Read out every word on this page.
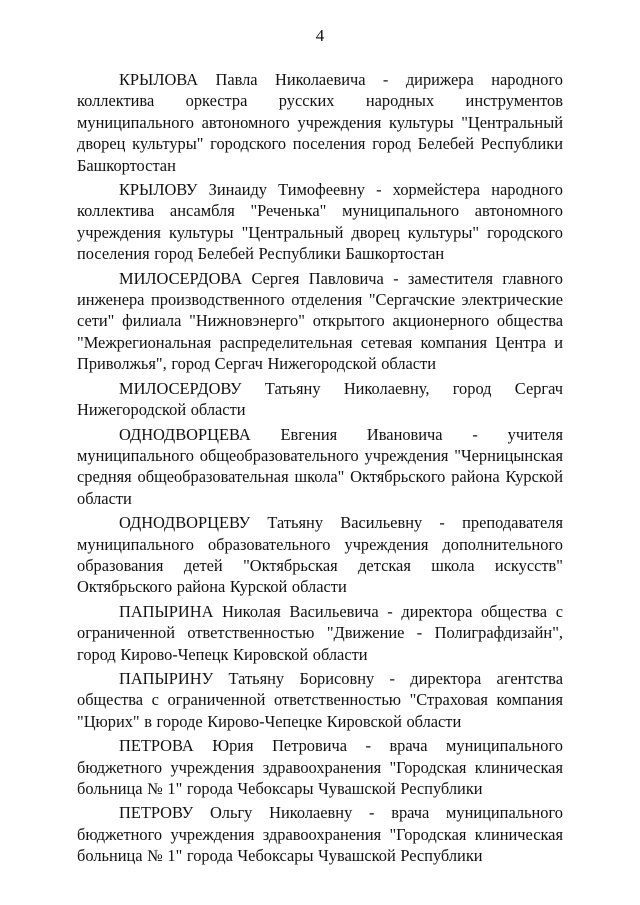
4

КРЫЛОВА Павла Николаевича - дирижера народного коллектива оркестра русских народных инструментов муниципального автономного учреждения культуры "Центральный дворец культуры" городского поселения город Белебей Республики Башкортостан

КРЫЛОВУ Зинаиду Тимофеевну - хормейстера народного коллектива ансамбля "Реченька" муниципального автономного учреждения культуры "Центральный дворец культуры" городского поселения город Белебей Республики Башкортостан

МИЛОСЕРДОВА Сергея Павловича - заместителя главного инженера производственного отделения "Сергачские электрические сети" филиала "Нижновэнерго" открытого акционерного общества "Межрегиональная распределительная сетевая компания Центра и Приволжья", город Сергач Нижегородской области

МИЛОСЕРДОВУ Татьяну Николаевну, город Сергач Нижегородской области

ОДНОДВОРЦЕВА Евгения Ивановича - учителя муниципального общеобразовательного учреждения "Черницынская средняя общеобразовательная школа" Октябрьского района Курской области

ОДНОДВОРЦЕВУ Татьяну Васильевну - преподавателя муниципального образовательного учреждения дополнительного образования детей "Октябрьская детская школа искусств" Октябрьского района Курской области

ПАПЫРИНА Николая Васильевича - директора общества с ограниченной ответственностью "Движение - Полиграфдизайн", город Кирово-Чепецк Кировской области

ПАПЫРИНУ Татьяну Борисовну - директора агентства общества с ограниченной ответственностью "Страховая компания "Цюрих" в городе Кирово-Чепецке Кировской области

ПЕТРОВА Юрия Петровича - врача муниципального бюджетного учреждения здравоохранения "Городская клиническая больница № 1" города Чебоксары Чувашской Республики

ПЕТРОВУ Ольгу Николаевну - врача муниципального бюджетного учреждения здравоохранения "Городская клиническая больница № 1" города Чебоксары Чувашской Республики
